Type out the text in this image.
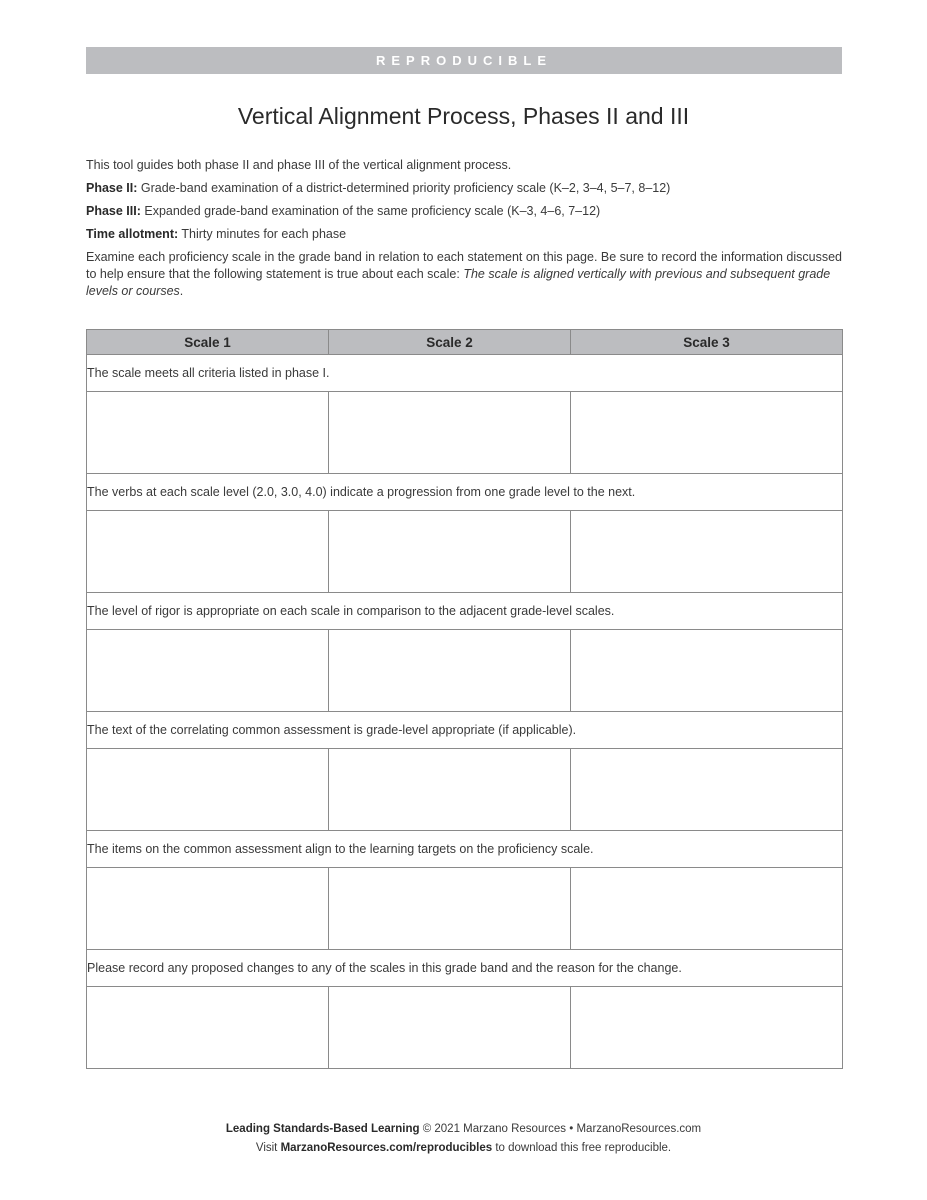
REPRODUCIBLE
Vertical Alignment Process, Phases II and III

This tool guides both phase II and phase III of the vertical alignment process.

Phase II: Grade-band examination of a district-determined priority proficiency scale (K–2, 3–4, 5–7, 8–12)

Phase III: Expanded grade-band examination of the same proficiency scale (K–3, 4–6, 7–12)

Time allotment: Thirty minutes for each phase

Examine each proficiency scale in the grade band in relation to each statement on this page. Be sure to record the information discussed to help ensure that the following statement is true about each scale: The scale is aligned vertically with previous and subsequent grade levels or courses.

Scale 1	Scale 2	Scale 3
The scale meets all criteria listed in phase I.		

The verbs at each scale level (2.0, 3.0, 4.0) indicate a progression from one grade level to the next.		

The level of rigor is appropriate on each scale in comparison to the adjacent grade-level scales.		

The text of the correlating common assessment is grade-level appropriate (if applicable).		

The items on the common assessment align to the learning targets on the proficiency scale.		

Please record any proposed changes to any of the scales in this grade band and the reason for the change.		

Leading Standards-Based Learning © 2021 Marzano Resources • MarzanoResources.com
Visit MarzanoResources.com/reproducibles to download this free reproducible.
